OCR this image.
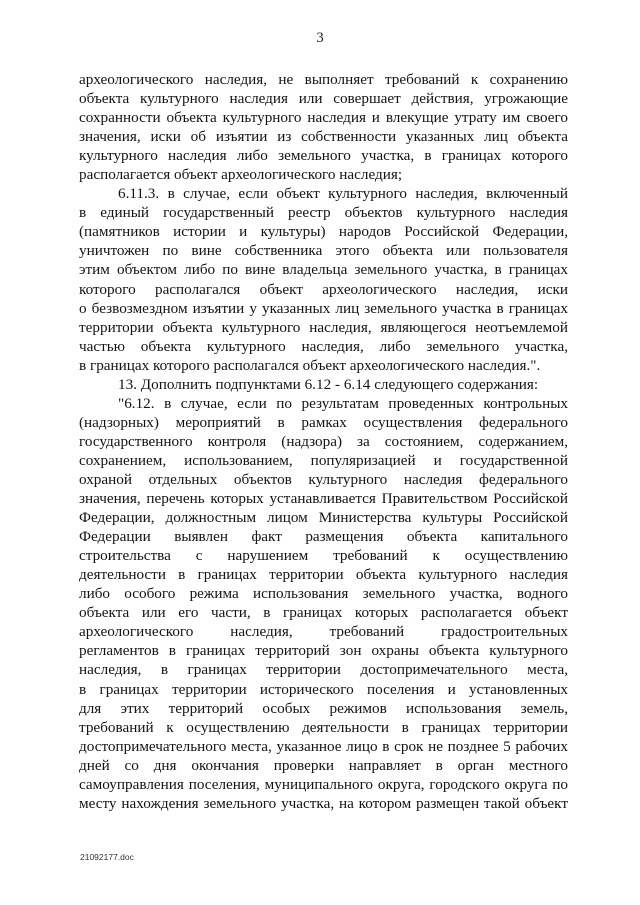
3

археологического наследия, не выполняет требований к сохранению
объекта культурного наследия или совершает действия, угрожающие
сохранности объекта культурного наследия и влекущие утрату им своего
значения, иски об изъятии из собственности указанных лиц объекта
культурного наследия либо земельного участка, в границах которого
располагается объект археологического наследия;

6.11.3. в случае, если объект культурного наследия, включенный
в единый государственный реестр объектов культурного наследия
(памятников истории и культуры) народов Российской Федерации,
уничтожен по вине собственника этого объекта или пользователя
этим объектом либо по вине владельца земельного участка, в границах
которого располагался объект археологического наследия, иски
о безвозмездном изъятии у указанных лиц земельного участка в границах
территории объекта культурного наследия, являющегося неотъемлемой
частью объекта культурного наследия, либо земельного участка,
в границах которого располагался объект археологического наследия.".

13. Дополнить подпунктами 6.12 - 6.14 следующего содержания:

"6.12. в случае, если по результатам проведенных контрольных
(надзорных) мероприятий в рамках осуществления федерального
государственного контроля (надзора) за состоянием, содержанием,
сохранением, использованием, популяризацией и государственной
охраной отдельных объектов культурного наследия федерального
значения, перечень которых устанавливается Правительством Российской
Федерации, должностным лицом Министерства культуры Российской
Федерации выявлен факт размещения объекта капитального
строительства с нарушением требований к осуществлению
деятельности в границах территории объекта культурного наследия
либо особого режима использования земельного участка, водного
объекта или его части, в границах которых располагается объект
археологического наследия, требований градостроительных
регламентов в границах территорий зон охраны объекта культурного
наследия, в границах территории достопримечательного места,
в границах территории исторического поселения и установленных
для этих территорий особых режимов использования земель,
требований к осуществлению деятельности в границах территории
достопримечательного места, указанное лицо в срок не позднее 5 рабочих
дней со дня окончания проверки направляет в орган местного
самоуправления поселения, муниципального округа, городского округа по
месту нахождения земельного участка, на котором размещен такой объект

21092177.doc
